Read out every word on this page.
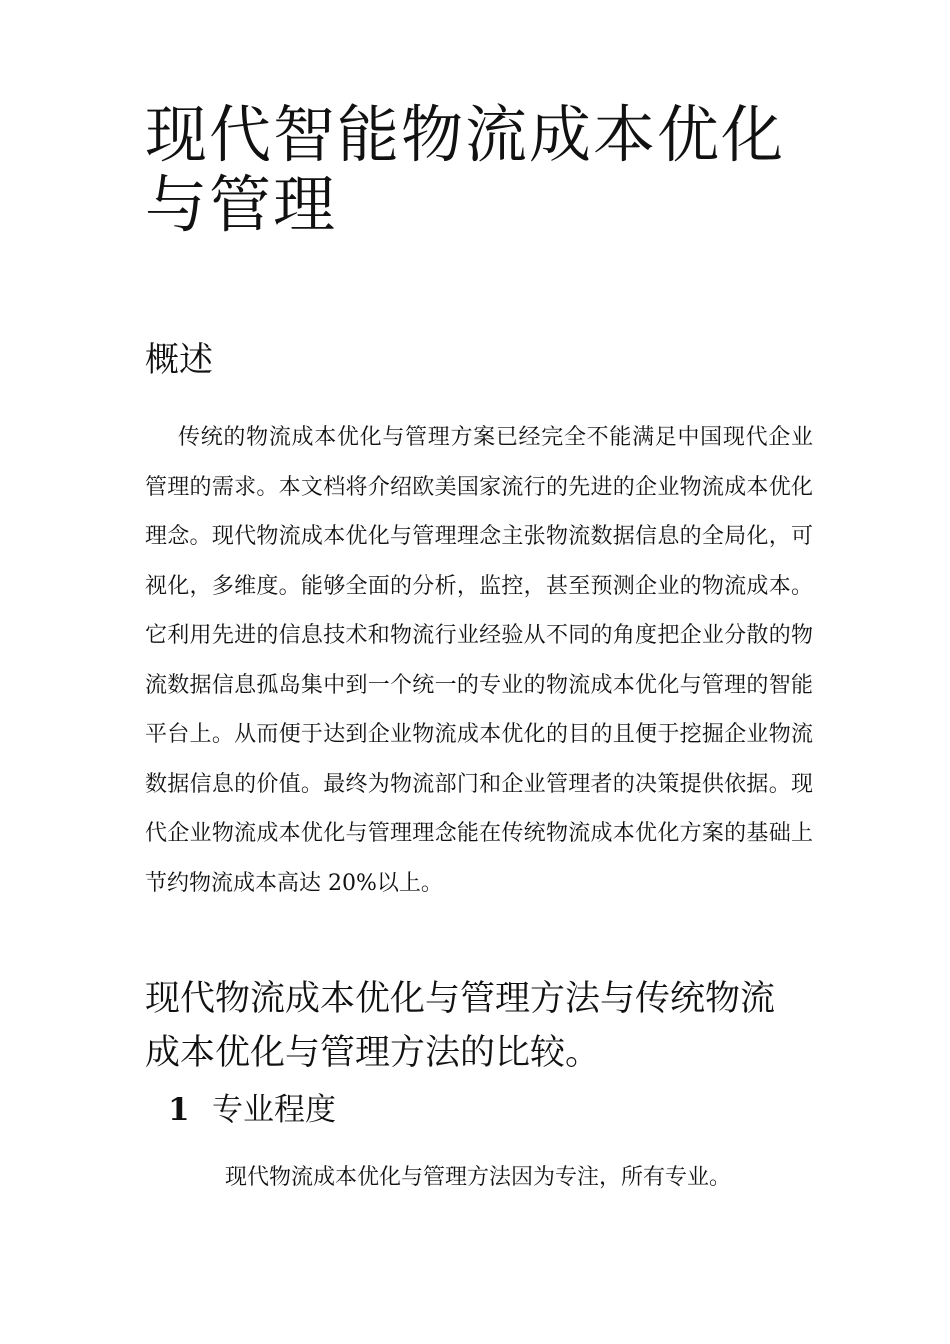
现代智能物流成本优化与管理
概述

传统的物流成本优化与管理方案已经完全不能满足中国现代企业管理的需求。本文档将介绍欧美国家流行的先进的企业物流成本优化理念。现代物流成本优化与管理理念主张物流数据信息的全局化，可视化，多维度。能够全面的分析，监控，甚至预测企业的物流成本。它利用先进的信息技术和物流行业经验从不同的角度把企业分散的物流数据信息孤岛集中到一个统一的专业的物流成本优化与管理的智能平台上。从而便于达到企业物流成本优化的目的且便于挖掘企业物流数据信息的价值。最终为物流部门和企业管理者的决策提供依据。现代企业物流成本优化与管理理念能在传统物流成本优化方案的基础上节约物流成本高达 20%以上。

现代物流成本优化与管理方法与传统物流成本优化与管理方法的比较。
1 专业程度

现代物流成本优化与管理方法因为专注，所有专业。
